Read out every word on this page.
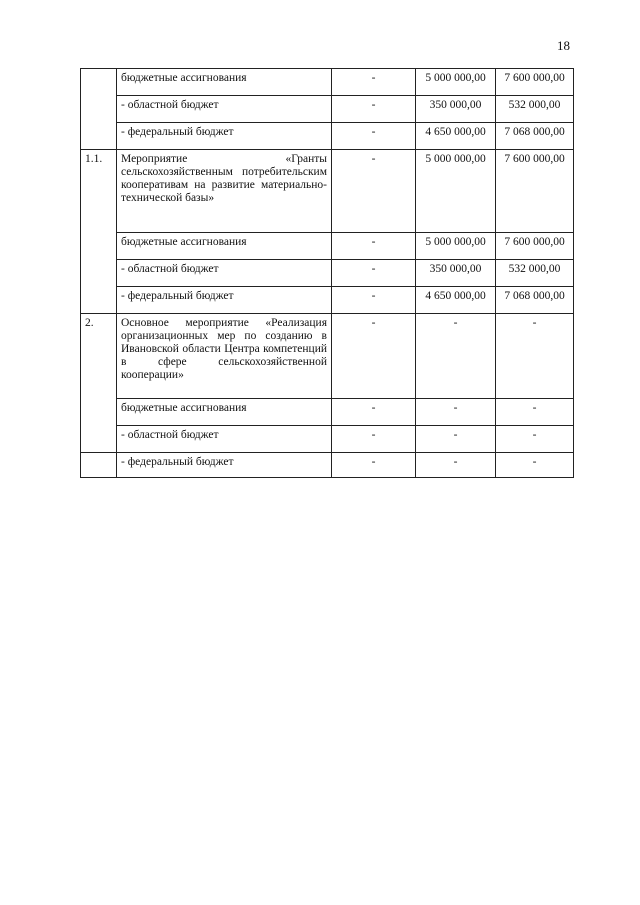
18
	бюджетные ассигнования	-	5 000 000,00	7 600 000,00
	- областной бюджет	-	350 000,00	532 000,00
	- федеральный бюджет	-	4 650 000,00	7 068 000,00
1.1.	Мероприятие «Гранты сельскохозяйственным потребительским кооперативам на развитие материально-технической базы»	-	5 000 000,00	7 600 000,00
	бюджетные ассигнования	-	5 000 000,00	7 600 000,00
	- областной бюджет	-	350 000,00	532 000,00
	- федеральный бюджет	-	4 650 000,00	7 068 000,00
2.	Основное мероприятие «Реализация организационных мер по созданию в Ивановской области Центра компетенций в сфере сельскохозяйственной кооперации»	-	-	-
	бюджетные ассигнования	-	-	-
	- областной бюджет	-	-	-
	- федеральный бюджет	-	-	-
